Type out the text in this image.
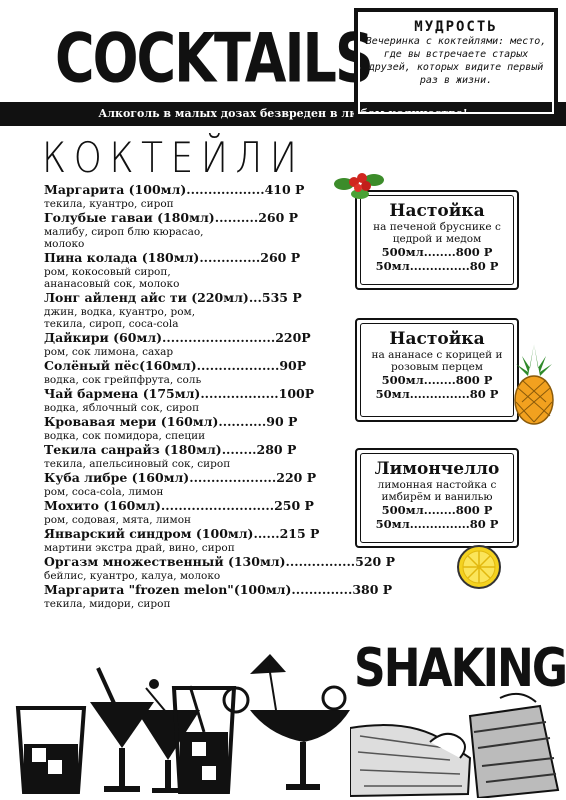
COCKTAILS
Алкоголь в малых дозах безвреден в любом количестве!
МУДРОСТЬ
Вечеринка с коктейлями: место, где вы встречаете старых друзей, которых видите первый раз в жизни.
КОКТЕЙЛИ
Маргарита (100мл)..................410 Р
текила, куантро, сироп
Голубые гаваи (180мл)..........260 Р
малибу, сироп блю кюрасао, молоко
Пина колада (180мл)..............260 Р
ром, кокосовый сироп, ананасовый сок, молоко
Лонг айленд айс ти (220мл)...535 Р
джин, водка, куантро, ром, текила, сироп, coca-cola
Дайкири (60мл)..........................220Р
ром, сок лимона, сахар
Солёный пёс(160мл)...................90Р
водка, сок грейпфрута, соль
Чай бармена (175мл)..................100Р
водка, яблочный сок, сироп
Кровавая мери (160мл)...........90 Р
водка, сок помидора, специи
Текила санрайз (180мл)........280 Р
текила, апельсиновый сок, сироп
Куба либре (160мл)....................220 Р
ром, coca-cola, лимон
Мохито (160мл)..........................250 Р
ром, содовая, мята, лимон
Январский синдром (100мл)......215 Р
мартини экстра драй, вино, сироп
Оргазм множественный (130мл)................520 Р
бейлис, куантро, калуа, молоко
Маргарита "frozen melon"(100мл)..............380 Р
текила, мидори, сироп
Настойка
на печеной бруснике с цедрой и медом
500мл........800 Р
50мл...............80 Р
Настойка
на ананасе с корицей и розовым перцем
500мл........800 Р
50мл...............80 Р
Лимончелло
лимонная настойка с имбирём и ванилью
500мл........800 Р
50мл...............80 Р
SHAKING
